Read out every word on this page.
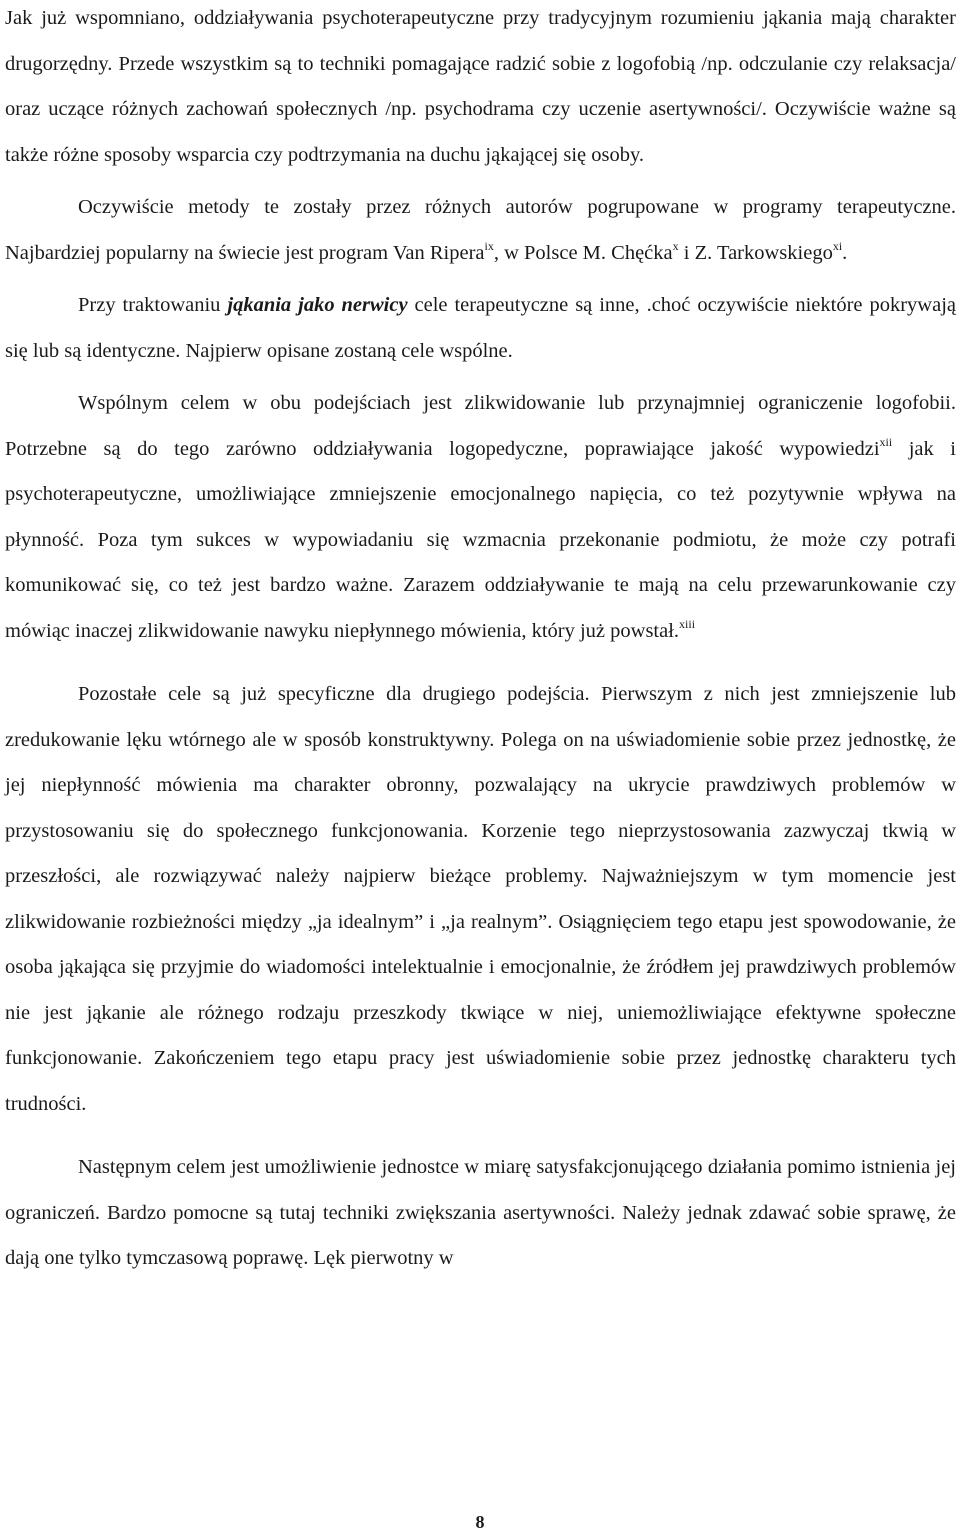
Jak już wspomniano, oddziaływania psychoterapeutyczne przy tradycyjnym rozumieniu jąkania mają charakter drugorzędny. Przede wszystkim są to techniki pomagające radzić sobie z logofobią /np. odczulanie czy relaksacja/ oraz uczące różnych zachowań społecznych /np. psychodrama czy uczenie asertywności/. Oczywiście ważne są także różne sposoby wsparcia czy podtrzymania na duchu jąkającej się osoby.

Oczywiście metody te zostały przez różnych autorów pogrupowane w programy terapeutyczne. Najbardziej popularny na świecie jest program Van Ripera$^{ix}$, w Polsce M. Chęćka$^x$ i Z. Tarkowskiego$^{xi}$.

Przy traktowaniu jąkania jako nerwicy cele terapeutyczne są inne, .choć oczywiście niektóre pokrywają się lub są identyczne. Najpierw opisane zostaną cele wspólne.

Wspólnym celem w obu podejściach jest zlikwidowanie lub przynajmniej ograniczenie logofobii. Potrzebne są do tego zarówno oddziaływania logopedyczne, poprawiające jakość wypowiedzi$^{xii}$ jak i psychoterapeutyczne, umożliwiające zmniejszenie emocjonalnego napięcia, co też pozytywnie wpływa na płynność. Poza tym sukces w wypowiadaniu się wzmacnia przekonanie podmiotu, że może czy potrafi komunikować się, co też jest bardzo ważne. Zarazem oddziaływanie te mają na celu przewarunkowanie czy mówiąc inaczej zlikwidowanie nawyku niepłynnego mówienia, który już powstał.$^{xiii}$

Pozostałe cele są już specyficzne dla drugiego podejścia. Pierwszym z nich jest zmniejszenie lub zredukowanie lęku wtórnego ale w sposób konstruktywny. Polega on na uświadomienie sobie przez jednostkę, że jej niepłynność mówienia ma charakter obronny, pozwalający na ukrycie prawdziwych problemów w przystosowaniu się do społecznego funkcjonowania. Korzenie tego nieprzystosowania zazwyczaj tkwią w przeszłości, ale rozwiązywać należy najpierw bieżące problemy. Najważniejszym w tym momencie jest zlikwidowanie rozbieżności między „ja idealnym” i „ja realnym”. Osiągnięciem tego etapu jest spowodowanie, że osoba jąkająca się przyjmie do wiadomości intelektualnie i emocjonalnie, że źródłem jej prawdziwych problemów nie jest jąkanie ale różnego rodzaju przeszkody tkwiące w niej, uniemożliwiające efektywne społeczne funkcjonowanie. Zakończeniem tego etapu pracy jest uświadomienie sobie przez jednostkę charakteru tych trudności.

Następnym celem jest umożliwienie jednostce w miarę satysfakcjonującego działania pomimo istnienia jej ograniczeń. Bardzo pomocne są tutaj techniki zwiększania asertywności. Należy jednak zdawać sobie sprawę, że dają one tylko tymczasową poprawę. Lęk pierwotny w

8
